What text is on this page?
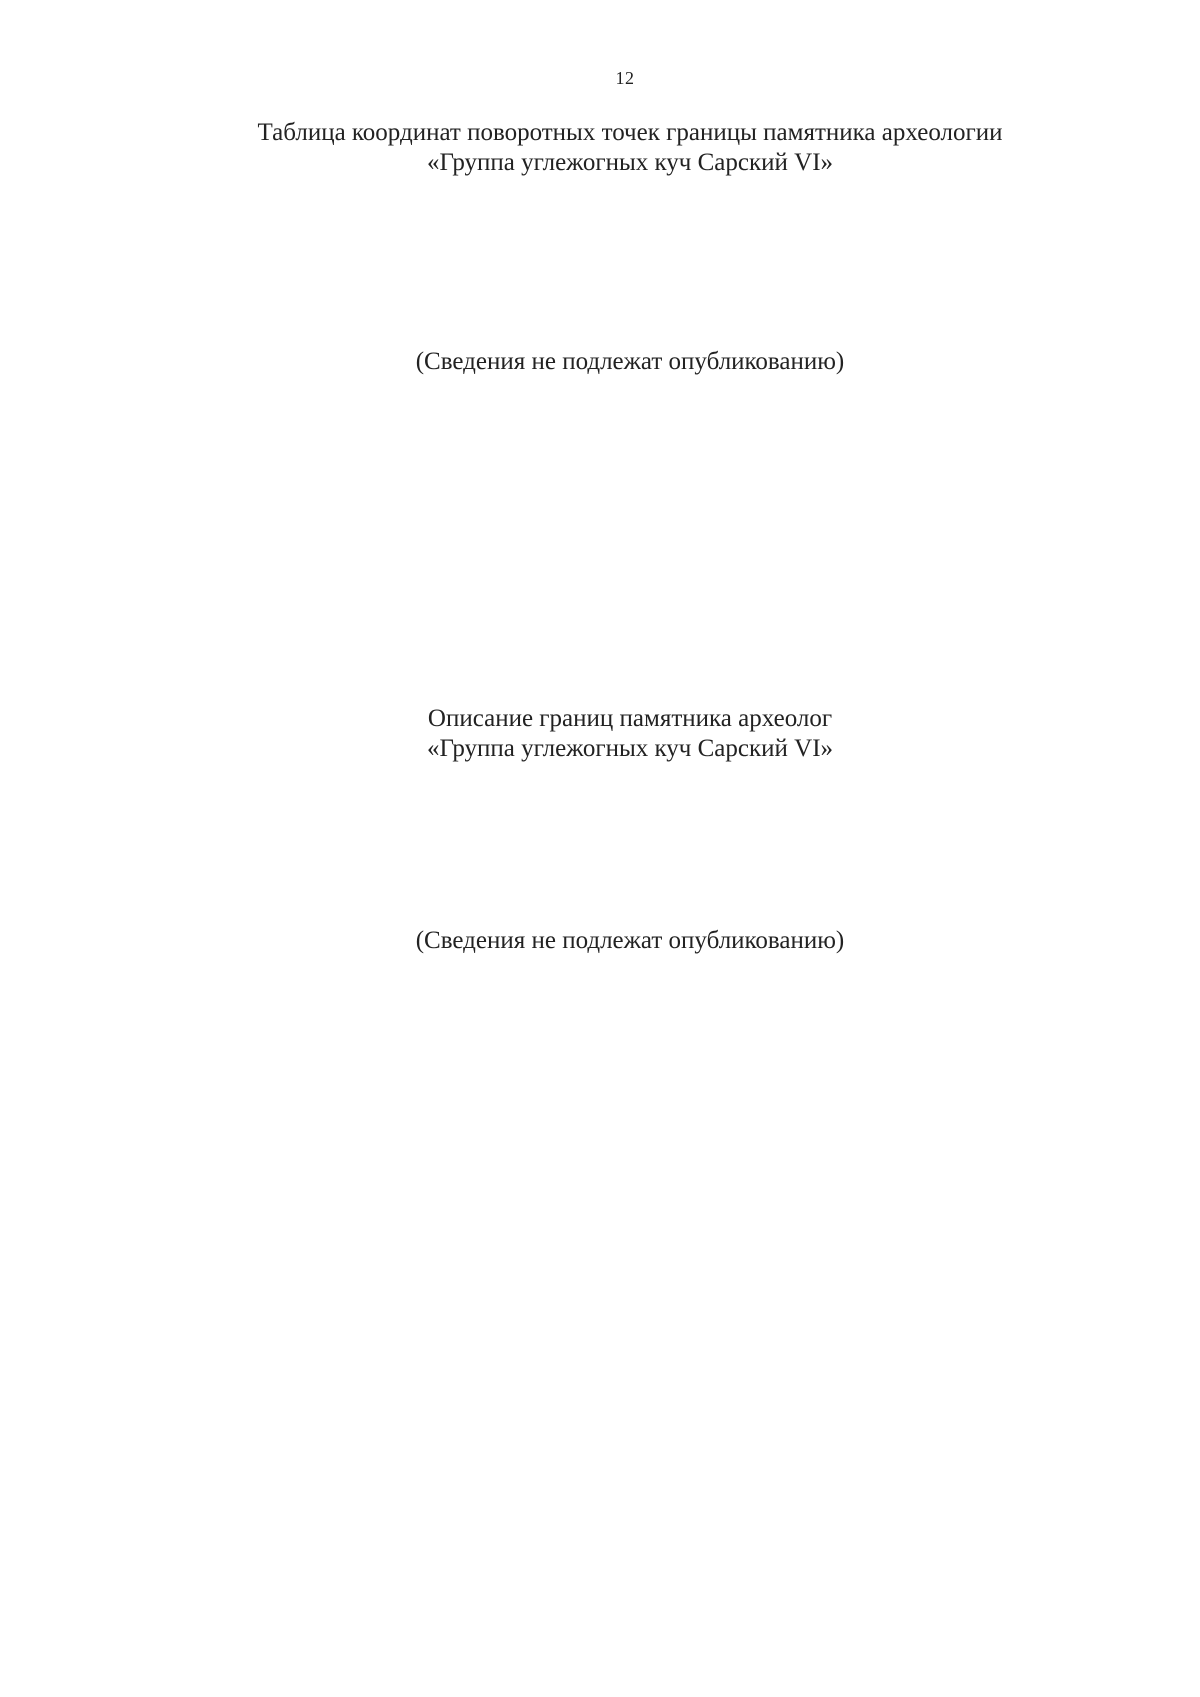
12
Таблица координат поворотных точек границы памятника археологии
«Группа углежогных куч Сарский VI»
(Сведения не подлежат опубликованию)
Описание границ памятника археолог
«Группа углежогных куч Сарский VI»
(Сведения не подлежат опубликованию)
